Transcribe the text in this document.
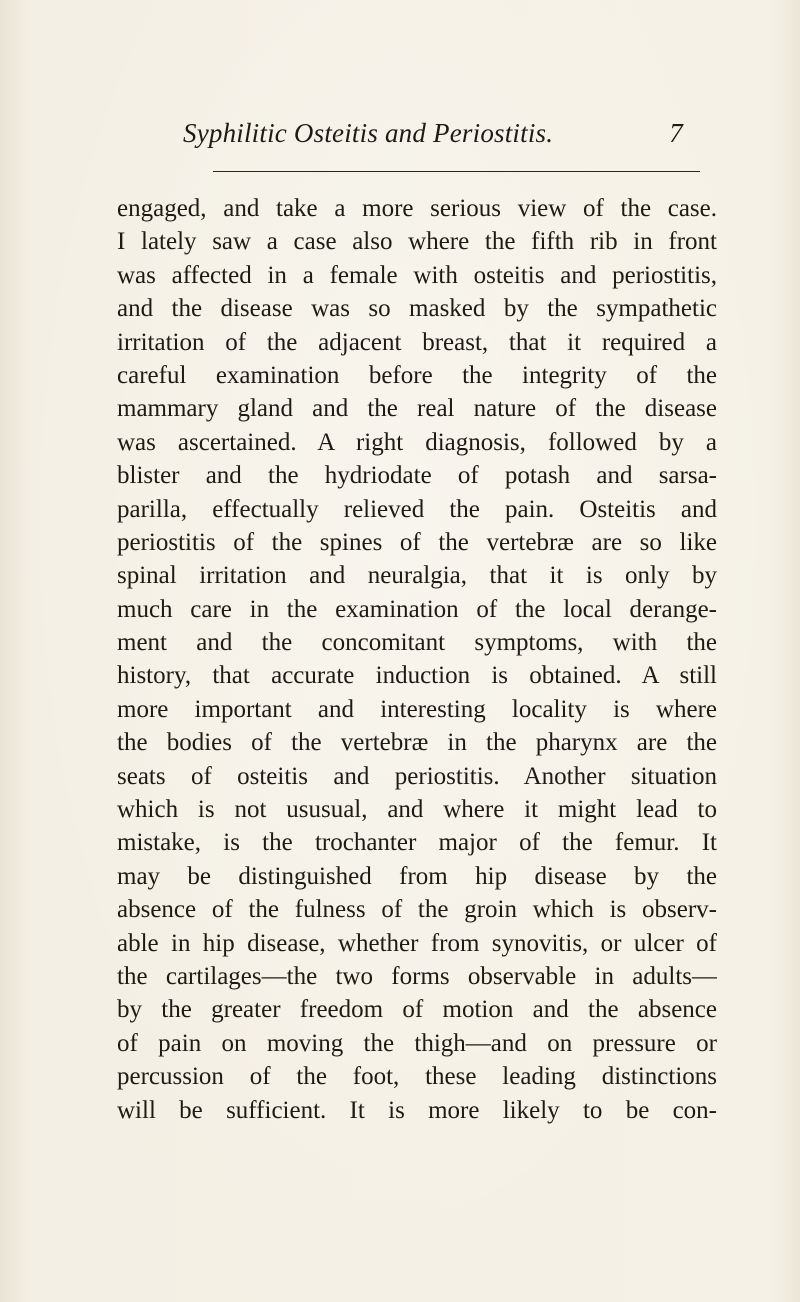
Syphilitic Osteitis and Periostitis.	7
engaged, and take a more serious view of the case.
I lately saw a case also where the fifth rib in front
was affected in a female with osteitis and periostitis,
and the disease was so masked by the sympathetic
irritation of the adjacent breast, that it required a
careful examination before the integrity of the
mammary gland and the real nature of the disease
was ascertained. A right diagnosis, followed by a
blister and the hydriodate of potash and sarsa-
parilla, effectually relieved the pain. Osteitis and
periostitis of the spines of the vertebræ are so like
spinal irritation and neuralgia, that it is only by
much care in the examination of the local derange-
ment and the concomitant symptoms, with the
history, that accurate induction is obtained. A still
more important and interesting locality is where
the bodies of the vertebræ in the pharynx are the
seats of osteitis and periostitis. Another situation
which is not ususual, and where it might lead to
mistake, is the trochanter major of the femur. It
may be distinguished from hip disease by the
absence of the fulness of the groin which is observ-
able in hip disease, whether from synovitis, or ulcer of
the cartilages—the two forms observable in adults—
by the greater freedom of motion and the absence
of pain on moving the thigh—and on pressure or
percussion of the foot, these leading distinctions
will be sufficient. It is more likely to be con-
